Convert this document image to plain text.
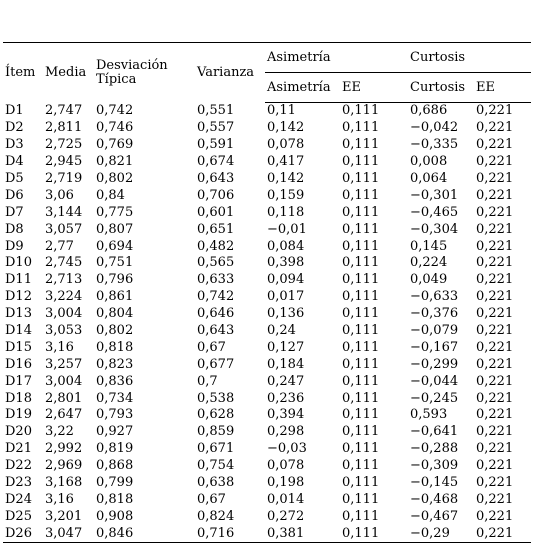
Ítem	Media	Desviación Típica	Varianza	Asimetría		Curtosis	
				Asimetría	EE	Curtosis	EE
D1	2,747	0,742	0,551	0,11	0,111	0,686	0,221
D2	2,811	0,746	0,557	0,142	0,111	−0,042	0,221
D3	2,725	0,769	0,591	0,078	0,111	−0,335	0,221
D4	2,945	0,821	0,674	0,417	0,111	0,008	0,221
D5	2,719	0,802	0,643	0,142	0,111	0,064	0,221
D6	3,06	0,84	0,706	0,159	0,111	−0,301	0,221
D7	3,144	0,775	0,601	0,118	0,111	−0,465	0,221
D8	3,057	0,807	0,651	−0,01	0,111	−0,304	0,221
D9	2,77	0,694	0,482	0,084	0,111	0,145	0,221
D10	2,745	0,751	0,565	0,398	0,111	0,224	0,221
D11	2,713	0,796	0,633	0,094	0,111	0,049	0,221
D12	3,224	0,861	0,742	0,017	0,111	−0,633	0,221
D13	3,004	0,804	0,646	0,136	0,111	−0,376	0,221
D14	3,053	0,802	0,643	0,24	0,111	−0,079	0,221
D15	3,16	0,818	0,67	0,127	0,111	−0,167	0,221
D16	3,257	0,823	0,677	0,184	0,111	−0,299	0,221
D17	3,004	0,836	0,7	0,247	0,111	−0,044	0,221
D18	2,801	0,734	0,538	0,236	0,111	−0,245	0,221
D19	2,647	0,793	0,628	0,394	0,111	0,593	0,221
D20	3,22	0,927	0,859	0,298	0,111	−0,641	0,221
D21	2,992	0,819	0,671	−0,03	0,111	−0,288	0,221
D22	2,969	0,868	0,754	0,078	0,111	−0,309	0,221
D23	3,168	0,799	0,638	0,198	0,111	−0,145	0,221
D24	3,16	0,818	0,67	0,014	0,111	−0,468	0,221
D25	3,201	0,908	0,824	0,272	0,111	−0,467	0,221
D26	3,047	0,846	0,716	0,381	0,111	−0,29	0,221
